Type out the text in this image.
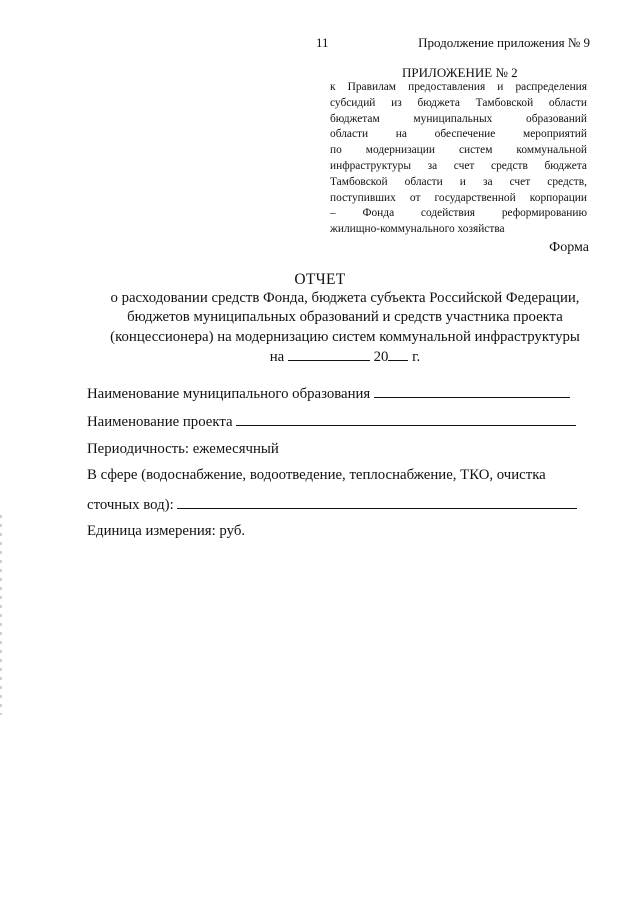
11	Продолжение приложения № 9
ПРИЛОЖЕНИЕ № 2
к Правилам предоставления и распределения
субсидий из бюджета Тамбовской области
бюджетам муниципальных образований
области на обеспечение мероприятий
по модернизации систем коммунальной
инфраструктуры за счет средств бюджета
Тамбовской области и за счет средств,
поступивших от государственной корпорации
– Фонда содействия реформированию
жилищно-коммунального хозяйства
Форма
ОТЧЕТ
о расходовании средств Фонда, бюджета субъекта Российской Федерации,
бюджетов муниципальных образований и средств участника проекта
(концессионера) на модернизацию систем коммунальной инфраструктуры
на	20 г.
Наименование муниципального образования
Наименование проекта
Периодичность: ежемесячный
В сфере (водоснабжение, водоотведение, теплоснабжение, ТКО, очистка
сточных вод):
Единица измерения: руб.
